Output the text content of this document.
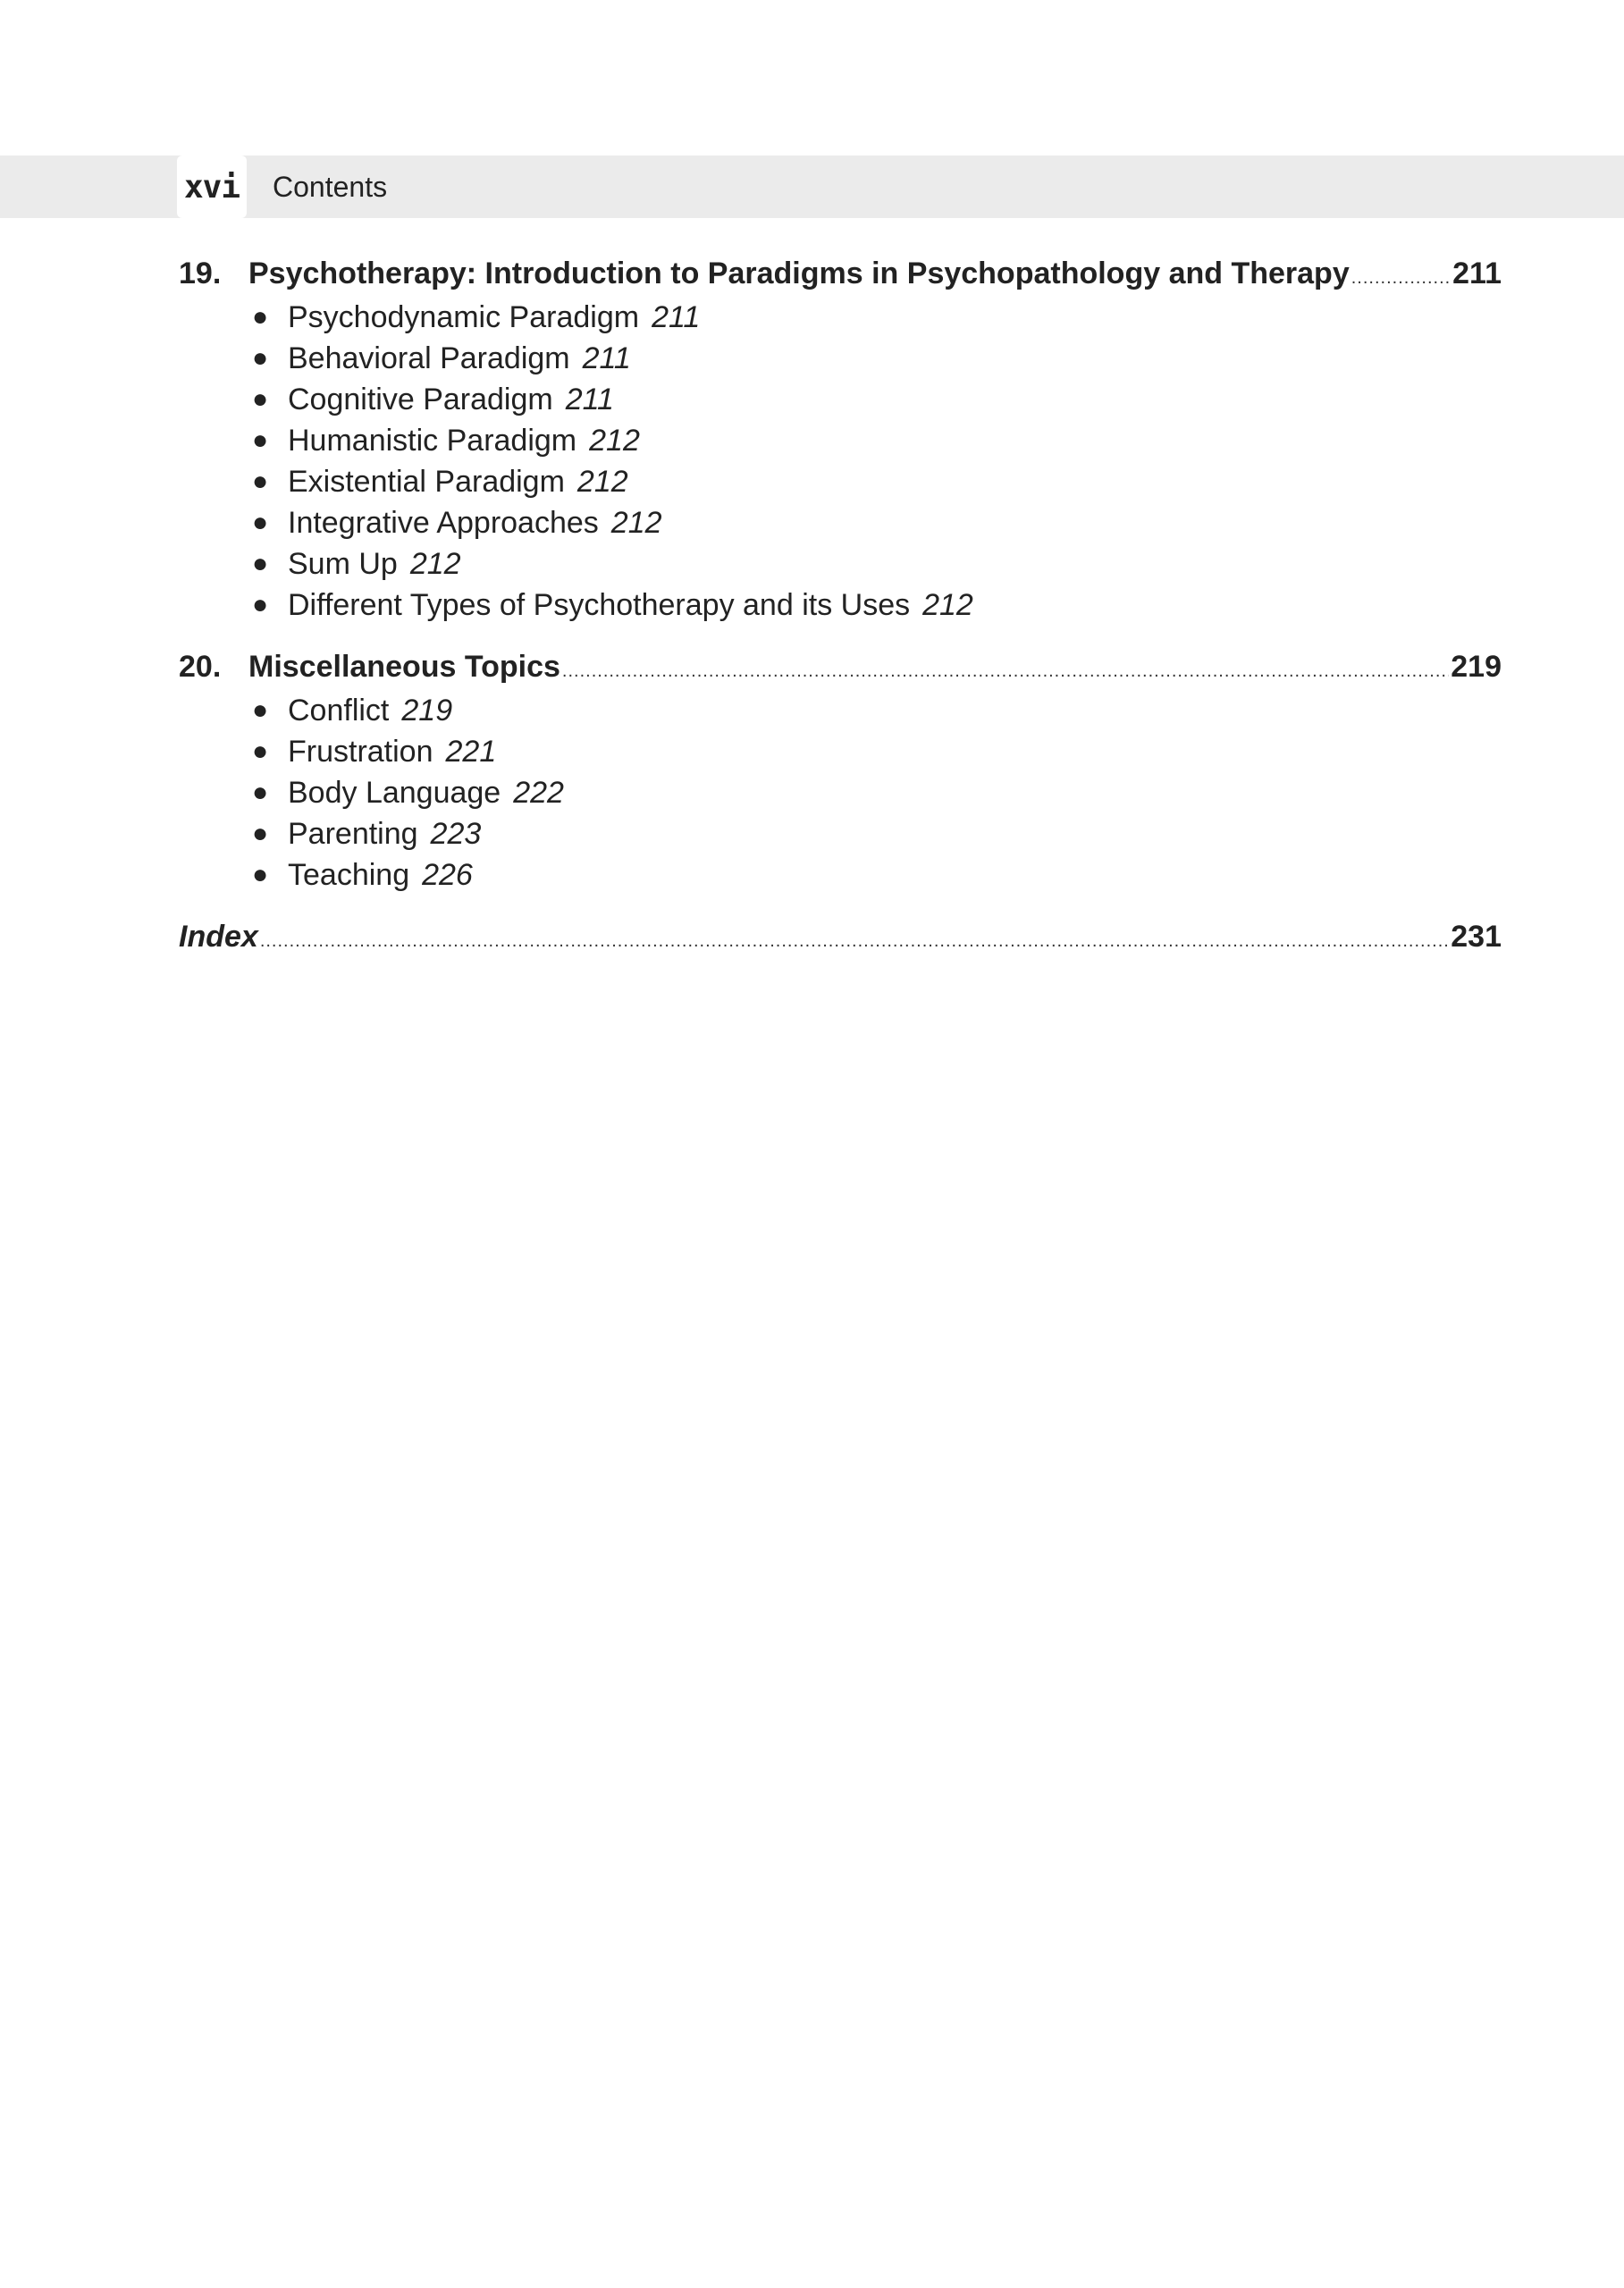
xvi Contents
19. Psychotherapy: Introduction to Paradigms in Psychopathology and Therapy .....	211
● Psychodynamic Paradigm 211
● Behavioral Paradigm 211
● Cognitive Paradigm 211
● Humanistic Paradigm 212
● Existential Paradigm 212
● Integrative Approaches 212
● Sum Up 212
● Different Types of Psychotherapy and its Uses 212
20. Miscellaneous Topics .....	219
● Conflict 219
● Frustration 221
● Body Language 222
● Parenting 223
● Teaching 226
Index .....	231
